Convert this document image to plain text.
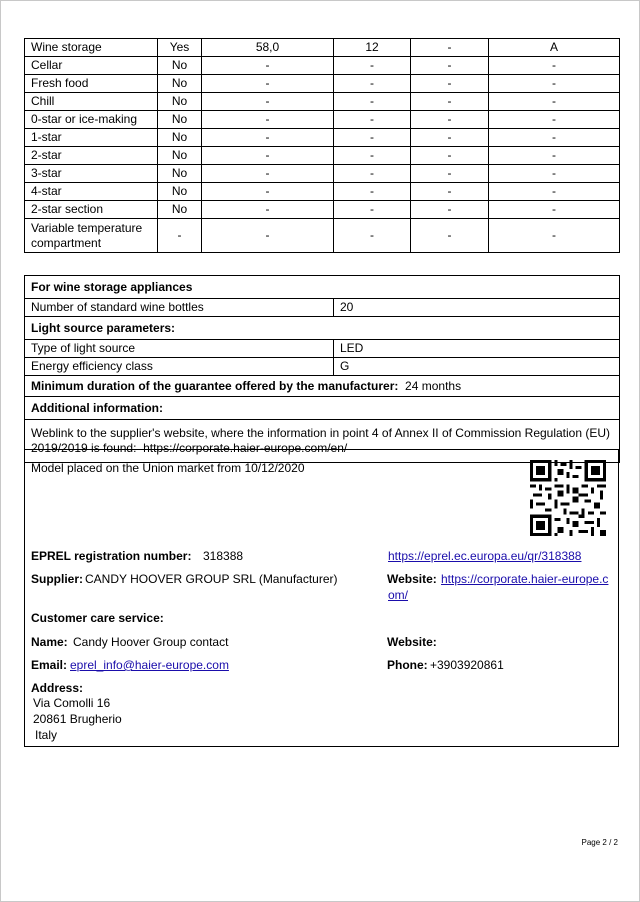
Wine storage	Yes	58,0	12	-	A
Cellar	No	-	-	-	-
Fresh food	No	-	-	-	-
Chill	No	-	-	-	-
0-star or ice-making	No	-	-	-	-
1-star	No	-	-	-	-
2-star	No	-	-	-	-
3-star	No	-	-	-	-
4-star	No	-	-	-	-
2-star section	No	-	-	-	-
Variable temperature compartment	-	-	-	-	-
For wine storage appliances	
Number of standard wine bottles	20
Light source parameters:	
Type of light source	LED
Energy efficiency class	G
Minimum duration of the guarantee offered by the manufacturer: 24 months	
Additional information:	
Weblink to the supplier's website, where the information in point 4 of Annex II of Commission Regulation (EU) 2019/2019 is found: https://corporate.haier-europe.com/en/	
Model placed on the Union market from 10/12/2020
EPREL registration number: 318388	https://eprel.ec.europa.eu/qr/318388
Supplier: CANDY HOOVER GROUP SRL (Manufacturer)	Website: https://corporate.haier-europe.c
om/
Customer care service:
Name: Candy Hoover Group contact	Website:
Email: eprel_info@haier-europe.com	Phone: +3903920861
Address:
Via Comolli 16
20861 Brugherio
Italy
Page 2 / 2
